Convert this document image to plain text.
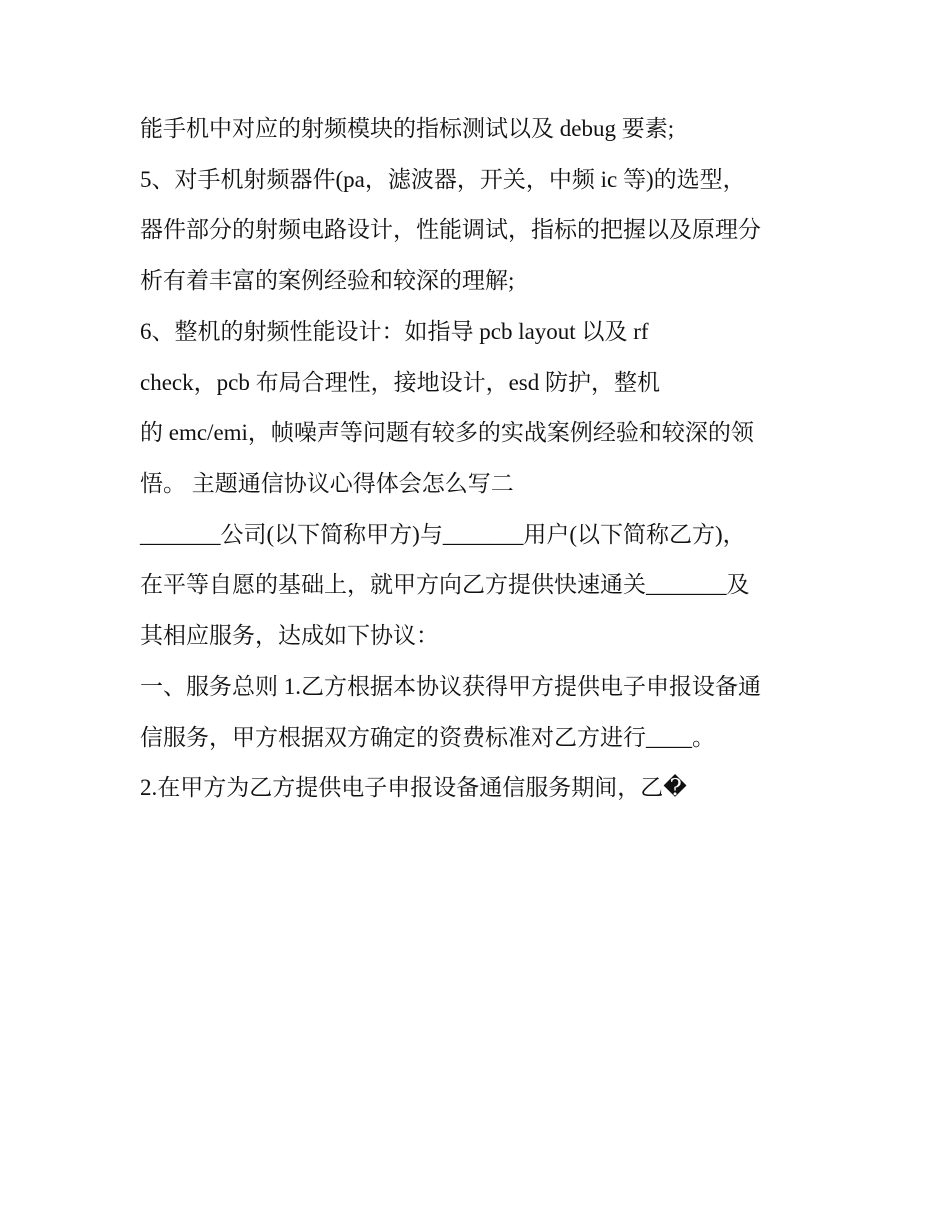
能手机中对应的射频模块的指标测试以及 debug 要素;
5、对手机射频器件(pa，滤波器，开关，中频 ic 等)的选型，
器件部分的射频电路设计，性能调试，指标的把握以及原理分
析有着丰富的案例经验和较深的理解;
6、整机的射频性能设计：如指导 pcb layout 以及 rf
check，pcb 布局合理性，接地设计，esd 防护，整机
的 emc/emi，帧噪声等问题有较多的实战案例经验和较深的领
悟。 主题通信协议心得体会怎么写二
_______公司(以下简称甲方)与_______用户(以下简称乙方)，
在平等自愿的基础上，就甲方向乙方提供快速通关_______及
其相应服务，达成如下协议：
一、服务总则 1.乙方根据本协议获得甲方提供电子申报设备通
信服务，甲方根据双方确定的资费标准对乙方进行____。
2.在甲方为乙方提供电子申报设备通信服务期间，乙�
